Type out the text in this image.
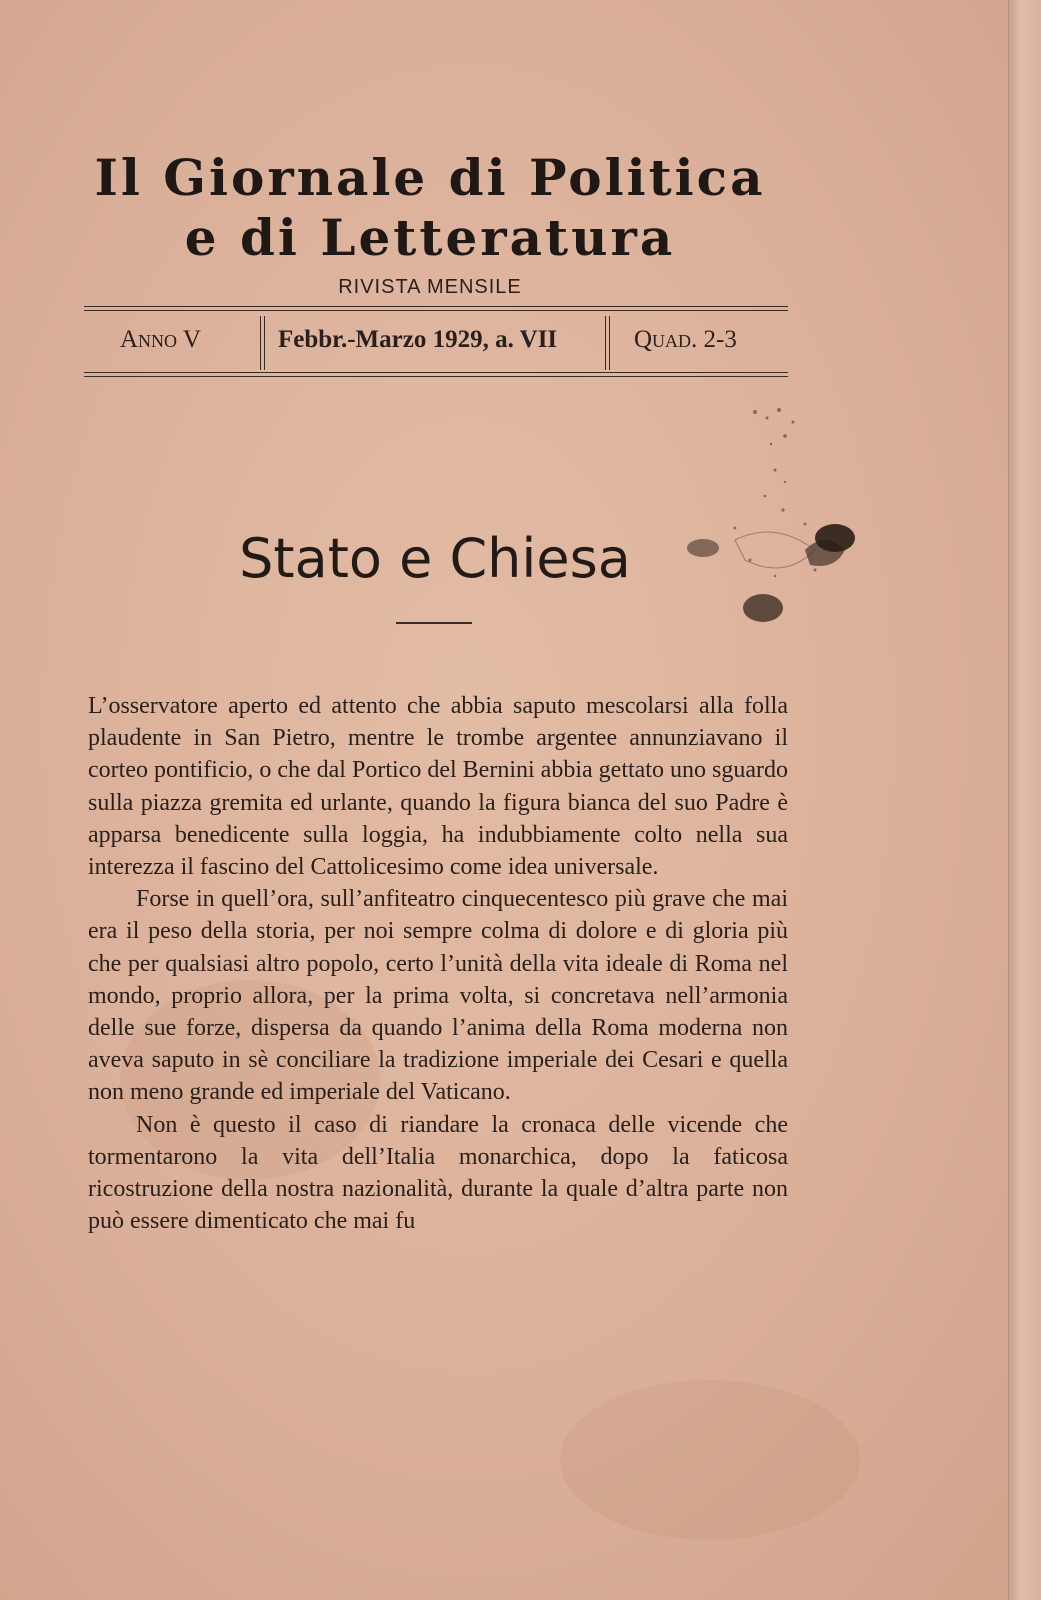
Il Giornale di Politica
e di Letteratura
RIVISTA MENSILE
Anno V	Febbr.-Marzo 1929, a. VII	Quad. 2-3
Stato e Chiesa

L’osservatore aperto ed attento che abbia saputo mescolarsi alla folla plaudente in San Pietro, mentre le trombe argentee annunziavano il corteo pontificio, o che dal Portico del Bernini abbia gettato uno sguardo sulla piazza gremita ed urlante, quando la figura bianca del suo Padre è apparsa benedicente sulla loggia, ha indubbiamente colto nella sua interezza il fascino del Cattolicesimo come idea universale.

Forse in quell’ora, sull’anfiteatro cinquecentesco più grave che mai era il peso della storia, per noi sempre colma di dolore e di gloria più che per qualsiasi altro popolo, certo l’unità della vita ideale di Roma nel mondo, proprio allora, per la prima volta, si concretava nell’armonia delle sue forze, dispersa da quando l’anima della Roma moderna non aveva saputo in sè conciliare la tradizione imperiale dei Cesari e quella non meno grande ed imperiale del Vaticano.

Non è questo il caso di riandare la cronaca delle vicende che tormentarono la vita dell’Italia monarchica, dopo la faticosa ricostruzione della nostra nazionalità, durante la quale d’altra parte non può essere dimenticato che mai fu
